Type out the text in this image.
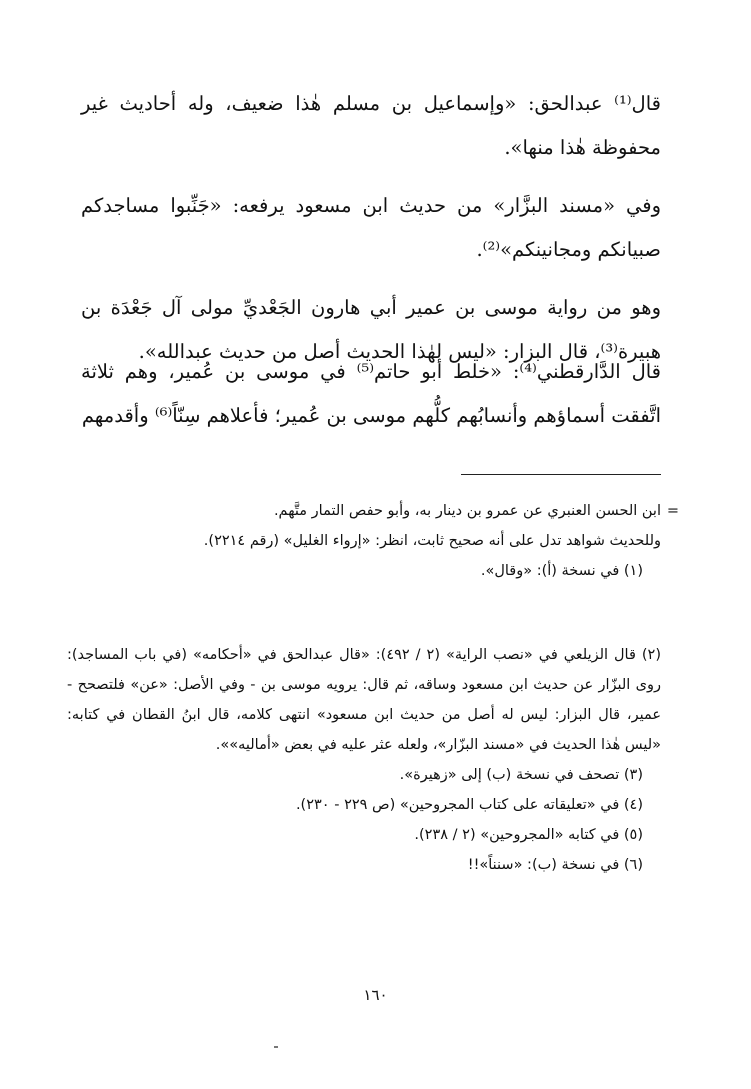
قال⁽¹⁾ عبدالحق: «وإسماعيل بن مسلم هٰذا ضعيف، وله أحاديث غير محفوظة هٰذا منها».

وفي «مسند البزَّار» من حديث ابن مسعود يرفعه: «جَنِّبوا مساجدكم صبيانكم ومجانينكم»⁽²⁾.

وهو من رواية موسى بن عمير أبي هارون الجَعْديِّ مولى آل جَعْدَة بن هبيرة⁽³⁾، قال البزار: «ليس لهٰذا الحديث أصل من حديث عبدالله».

قال الدَّارقطني⁽⁴⁾: «خلط أبو حاتم⁽⁵⁾ في موسى بن عُمير، وهم ثلاثة اتَّفقت أسماؤهم وأنسابُهم كلُّهم موسى بن عُمير؛ فأعلاهم سِنّاً⁽⁶⁾ وأقدمهم

=
ابن الحسن العنبري عن عمرو بن دينار به، وأبو حفص التمار متَّهم.

وللحديث شواهد تدل على أنه صحيح ثابت، انظر: «إرواء الغليل» (رقم ٢٢١٤).

(١) في نسخة (أ): «وقال».

(٢) قال الزيلعي في «نصب الراية» (٢ / ٤٩٢): «قال عبدالحق في «أحكامه» (في باب المساجد): روى البزّار عن حديث ابن مسعود وساقه، ثم قال: يرويه موسى بن - وفي الأصل: «عن» فلتصحح - عمير، قال البزار: ليس له أصل من حديث ابن مسعود» انتهى كلامه، قال ابنُ القطان في كتابه: «ليس هٰذا الحديث في «مسند البزّار»، ولعله عثر عليه في بعض «أماليه»».

(٣) تصحف في نسخة (ب) إلى «زهيرة».

(٤) في «تعليقاته على كتاب المجروحين» (ص ٢٢٩ - ٢٣٠).

(٥) في كتابه «المجروحين» (٢ / ٢٣٨).

(٦) في نسخة (ب): «سنناً»!!

١٦٠
